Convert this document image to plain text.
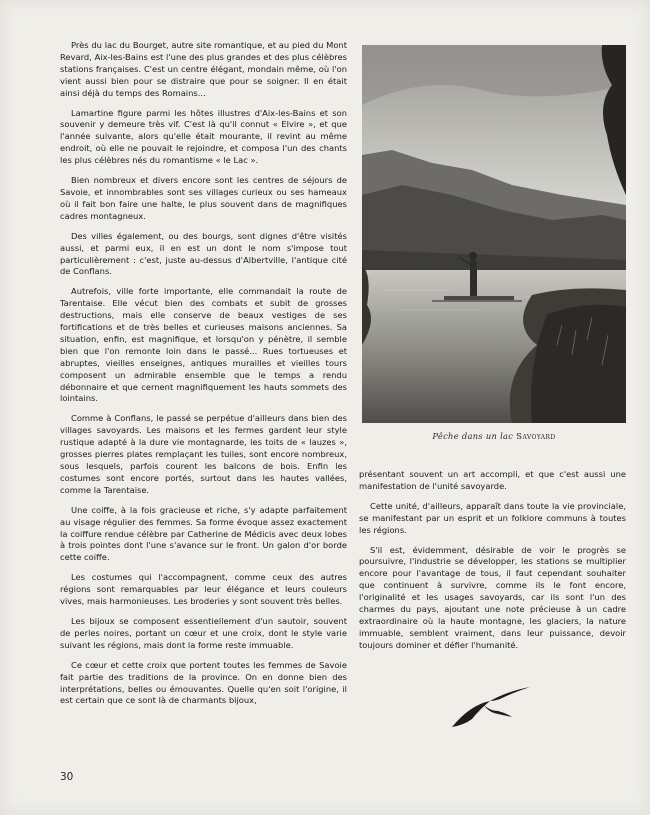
Près du lac du Bourget, autre site romantique, et au pied du Mont Revard, Aix-les-Bains est l'une des plus grandes et des plus célèbres stations françaises. C'est un centre élégant, mondain même, où l'on vient aussi bien pour se distraire que pour se soigner. Il en était ainsi déjà du temps des Romains...

Lamartine figure parmi les hôtes illustres d'Aix-les-Bains et son souvenir y demeure très vif. C'est là qu'il connut « Elvire », et que l'année suivante, alors qu'elle était mourante, il revint au même endroit, où elle ne pouvait le rejoindre, et composa l'un des chants les plus célèbres nés du romantisme « le Lac ».

Bien nombreux et divers encore sont les centres de séjours de Savoie, et innombrables sont ses villages curieux ou ses hameaux où il fait bon faire une halte, le plus souvent dans de magnifiques cadres montagneux.

Des villes également, ou des bourgs, sont dignes d'être visités aussi, et parmi eux, il en est un dont le nom s'impose tout particulièrement : c'est, juste au-dessus d'Albertville, l'antique cité de Conflans.

Autrefois, ville forte importante, elle commandait la route de Tarentaise. Elle vécut bien des combats et subit de grosses destructions, mais elle conserve de beaux vestiges de ses fortifications et de très belles et curieuses maisons anciennes. Sa situation, enfin, est magnifique, et lorsqu'on y pénètre, il semble bien que l'on remonte loin dans le passé... Rues tortueuses et abruptes, vieilles enseignes, antiques murailles et vieilles tours composent un admirable ensemble que le temps a rendu débonnaire et que cernent magnifiquement les hauts sommets des lointains.

Comme à Conflans, le passé se perpétue d'ailleurs dans bien des villages savoyards. Les maisons et les fermes gardent leur style rustique adapté à la dure vie montagnarde, les toits de « lauzes », grosses pierres plates remplaçant les tuiles, sont encore nombreux, sous lesquels, parfois courent les balcons de bois. Enfin les costumes sont encore portés, surtout dans les hautes vallées, comme la Tarentaise.

Une coiffe, à la fois gracieuse et riche, s'y adapte parfaitement au visage régulier des femmes. Sa forme évoque assez exactement la coiffure rendue célèbre par Catherine de Médicis avec deux lobes à trois pointes dont l'une s'avance sur le front. Un galon d'or borde cette coiffe.

Les costumes qui l'accompagnent, comme ceux des autres régions sont remarquables par leur élégance et leurs couleurs vives, mais harmonieuses. Les broderies y sont souvent très belles.

Les bijoux se composent essentiellement d'un sautoir, souvent de perles noires, portant un cœur et une croix, dont le style varie suivant les régions, mais dont la forme reste immuable.

Ce cœur et cette croix que portent toutes les femmes de Savoie fait partie des traditions de la province. On en donne bien des interprétations, belles ou émouvantes. Quelle qu'en soit l'origine, il est certain que ce sont là de charmants bijoux,

Pêche dans un lac Savoyard

présentant souvent un art accompli, et que c'est aussi une manifestation de l'unité savoyarde.

Cette unité, d'ailleurs, apparaît dans toute la vie provinciale, se manifestant par un esprit et un folklore communs à toutes les régions.

S'il est, évidemment, désirable de voir le progrès se poursuivre, l'industrie se développer, les stations se multiplier encore pour l'avantage de tous, il faut cependant souhaiter que continuent à survivre, comme ils le font encore, l'originalité et les usages savoyards, car ils sont l'un des charmes du pays, ajoutant une note précieuse à un cadre extraordinaire où la haute montagne, les glaciers, la nature immuable, semblent vraiment, dans leur puissance, devoir toujours dominer et défier l'humanité.

30
